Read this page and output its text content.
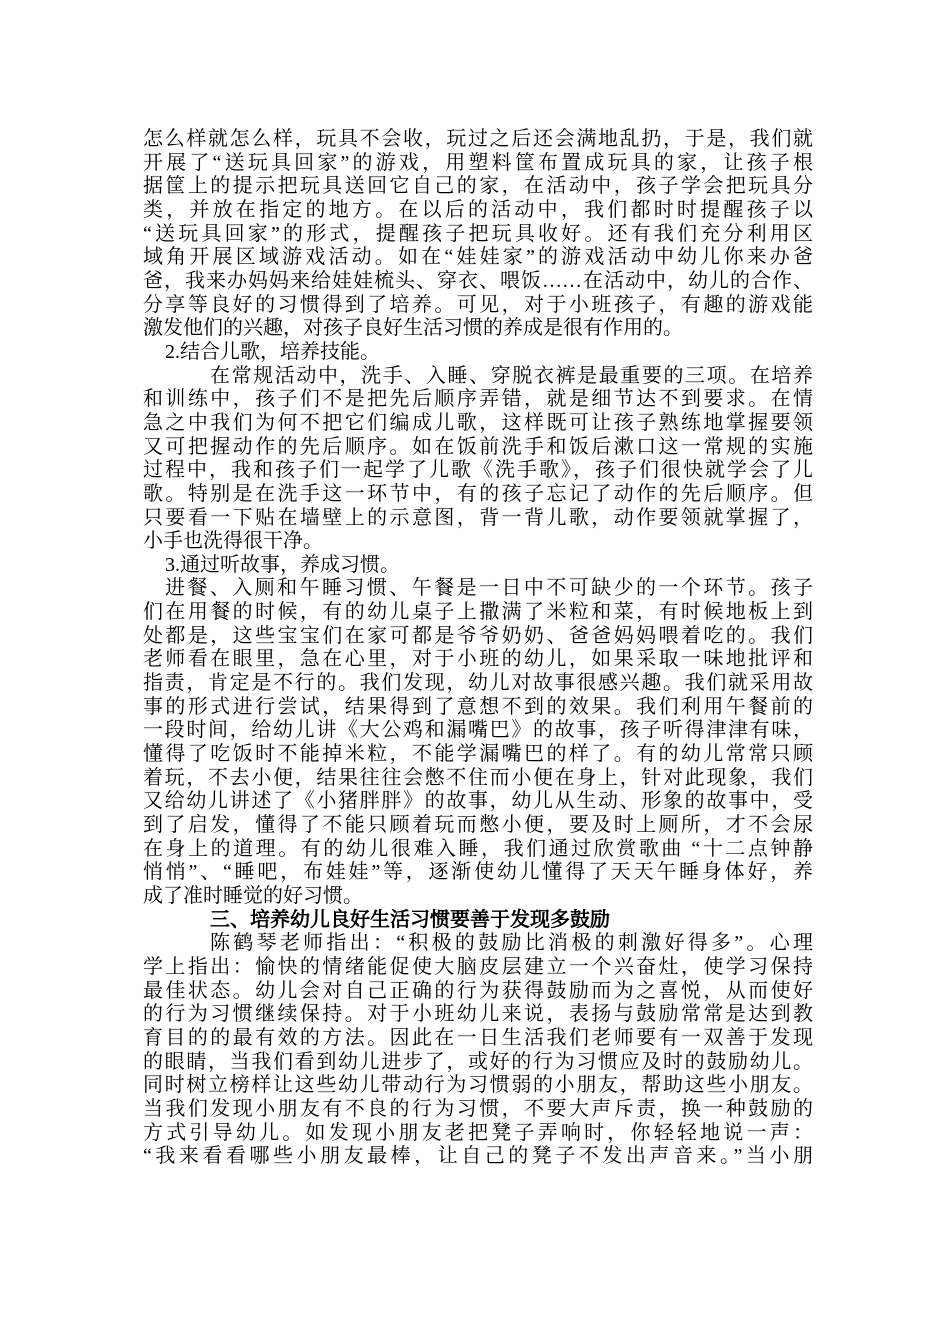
怎么样就怎么样，玩具不会收，玩过之后还会满地乱扔，于是，我们就
开展了“送玩具回家”的游戏，用塑料筐布置成玩具的家，让孩子根
据筐上的提示把玩具送回它自己的家，在活动中，孩子学会把玩具分
类，并放在指定的地方。在以后的活动中，我们都时时提醒孩子以
“送玩具回家”的形式，提醒孩子把玩具收好。还有我们充分利用区
域角开展区域游戏活动。如在“娃娃家”的游戏活动中幼儿你来办爸
爸，我来办妈妈来给娃娃梳头、穿衣、喂饭……在活动中，幼儿的合作、
分享等良好的习惯得到了培养。可见，对于小班孩子，有趣的游戏能
激发他们的兴趣，对孩子良好生活习惯的养成是很有作用的。
2.结合儿歌，培养技能。
在常规活动中，洗手、入睡、穿脱衣裤是最重要的三项。在培养
和训练中，孩子们不是把先后顺序弄错，就是细节达不到要求。在情
急之中我们为何不把它们编成儿歌，这样既可让孩子熟练地掌握要领
又可把握动作的先后顺序。如在饭前洗手和饭后漱口这一常规的实施
过程中，我和孩子们一起学了儿歌《洗手歌》，孩子们很快就学会了儿
歌。特别是在洗手这一环节中，有的孩子忘记了动作的先后顺序。但
只要看一下贴在墙壁上的示意图，背一背儿歌，动作要领就掌握了，
小手也洗得很干净。
3.通过听故事，养成习惯。
进餐、入厕和午睡习惯、午餐是一日中不可缺少的一个环节。孩子
们在用餐的时候，有的幼儿桌子上撒满了米粒和菜，有时候地板上到
处都是，这些宝宝们在家可都是爷爷奶奶、爸爸妈妈喂着吃的。我们
老师看在眼里，急在心里，对于小班的幼儿，如果采取一味地批评和
指责，肯定是不行的。我们发现，幼儿对故事很感兴趣。我们就采用故
事的形式进行尝试，结果得到了意想不到的效果。我们利用午餐前的
一段时间，给幼儿讲《大公鸡和漏嘴巴》的故事，孩子听得津津有味，
懂得了吃饭时不能掉米粒，不能学漏嘴巴的样了。有的幼儿常常只顾
着玩，不去小便，结果往往会憋不住而小便在身上，针对此现象，我们
又给幼儿讲述了《小猪胖胖》的故事，幼儿从生动、形象的故事中，受
到了启发，懂得了不能只顾着玩而憋小便，要及时上厕所，才不会尿
在身上的道理。有的幼儿很难入睡，我们通过欣赏歌曲 “十二点钟静
悄悄”、“睡吧，布娃娃”等，逐渐使幼儿懂得了天天午睡身体好，养
成了准时睡觉的好习惯。
三、培养幼儿良好生活习惯要善于发现多鼓励
陈鹤琴老师指出：“积极的鼓励比消极的刺激好得多”。心理
学上指出：愉快的情绪能促使大脑皮层建立一个兴奋灶，使学习保持
最佳状态。幼儿会对自己正确的行为获得鼓励而为之喜悦，从而使好
的行为习惯继续保持。对于小班幼儿来说，表扬与鼓励常常是达到教
育目的的最有效的方法。因此在一日生活我们老师要有一双善于发现
的眼睛，当我们看到幼儿进步了，或好的行为习惯应及时的鼓励幼儿。
同时树立榜样让这些幼儿带动行为习惯弱的小朋友，帮助这些小朋友。
当我们发现小朋友有不良的行为习惯，不要大声斥责，换一种鼓励的
方式引导幼儿。如发现小朋友老把凳子弄响时，你轻轻地说一声：
“我来看看哪些小朋友最棒，让自己的凳子不发出声音来。”当小朋
